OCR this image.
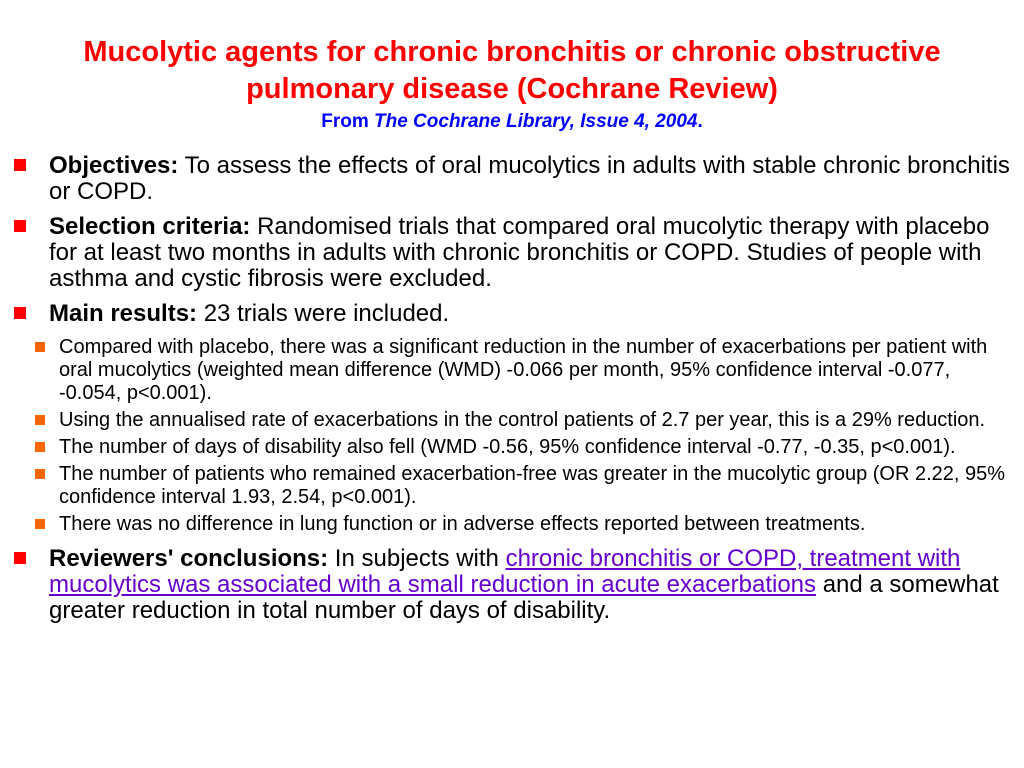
Mucolytic agents for chronic bronchitis or chronic obstructive pulmonary disease (Cochrane Review)

From The Cochrane Library, Issue 4, 2004.

Objectives: To assess the effects of oral mucolytics in adults with stable chronic bronchitis or COPD.
Selection criteria: Randomised trials that compared oral mucolytic therapy with placebo for at least two months in adults with chronic bronchitis or COPD. Studies of people with asthma and cystic fibrosis were excluded.
Main results: 23 trials were included.
Compared with placebo, there was a significant reduction in the number of exacerbations per patient with oral mucolytics (weighted mean difference (WMD) -0.066 per month, 95% confidence interval -0.077, -0.054, p<0.001).
Using the annualised rate of exacerbations in the control patients of 2.7 per year, this is a 29% reduction.
The number of days of disability also fell (WMD -0.56, 95% confidence interval -0.77, -0.35, p<0.001).
The number of patients who remained exacerbation-free was greater in the mucolytic group (OR 2.22, 95% confidence interval 1.93, 2.54, p<0.001).
There was no difference in lung function or in adverse effects reported between treatments.
Reviewers' conclusions: In subjects with chronic bronchitis or COPD, treatment with mucolytics was associated with a small reduction in acute exacerbations and a somewhat greater reduction in total number of days of disability.
